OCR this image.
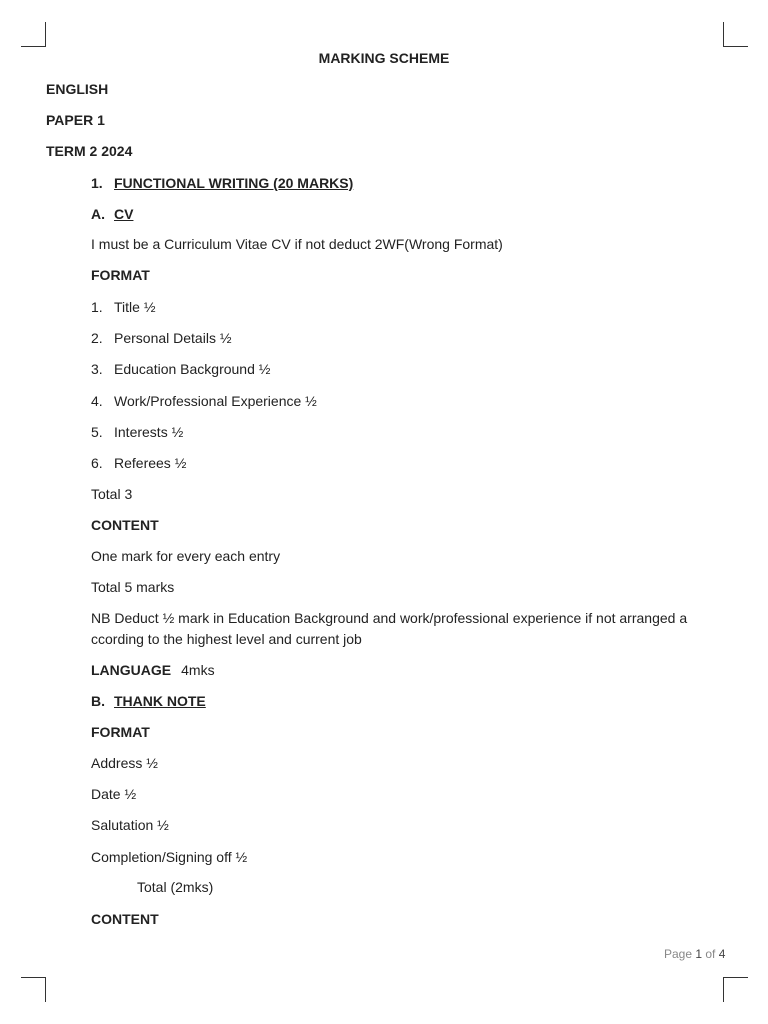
MARKING SCHEME
ENGLISH
PAPER 1
TERM 2 2024
1. FUNCTIONAL WRITING (20 MARKS)
A. CV
I must be a Curriculum Vitae CV if not deduct 2WF(Wrong Format)
FORMAT
1. Title ½
2. Personal Details ½
3. Education Background ½
4. Work/Professional Experience ½
5. Interests ½
6. Referees ½
Total 3
CONTENT
One mark for every each entry
Total 5 marks
NB Deduct ½ mark in Education Background and work/professional experience if not arranged a
ccording to the highest level and current job
LANGUAGE 4mks
B. THANK NOTE
FORMAT
Address ½
Date ½
Salutation ½
Completion/Signing off ½
Total (2mks)
CONTENT
Page 1 of 4
